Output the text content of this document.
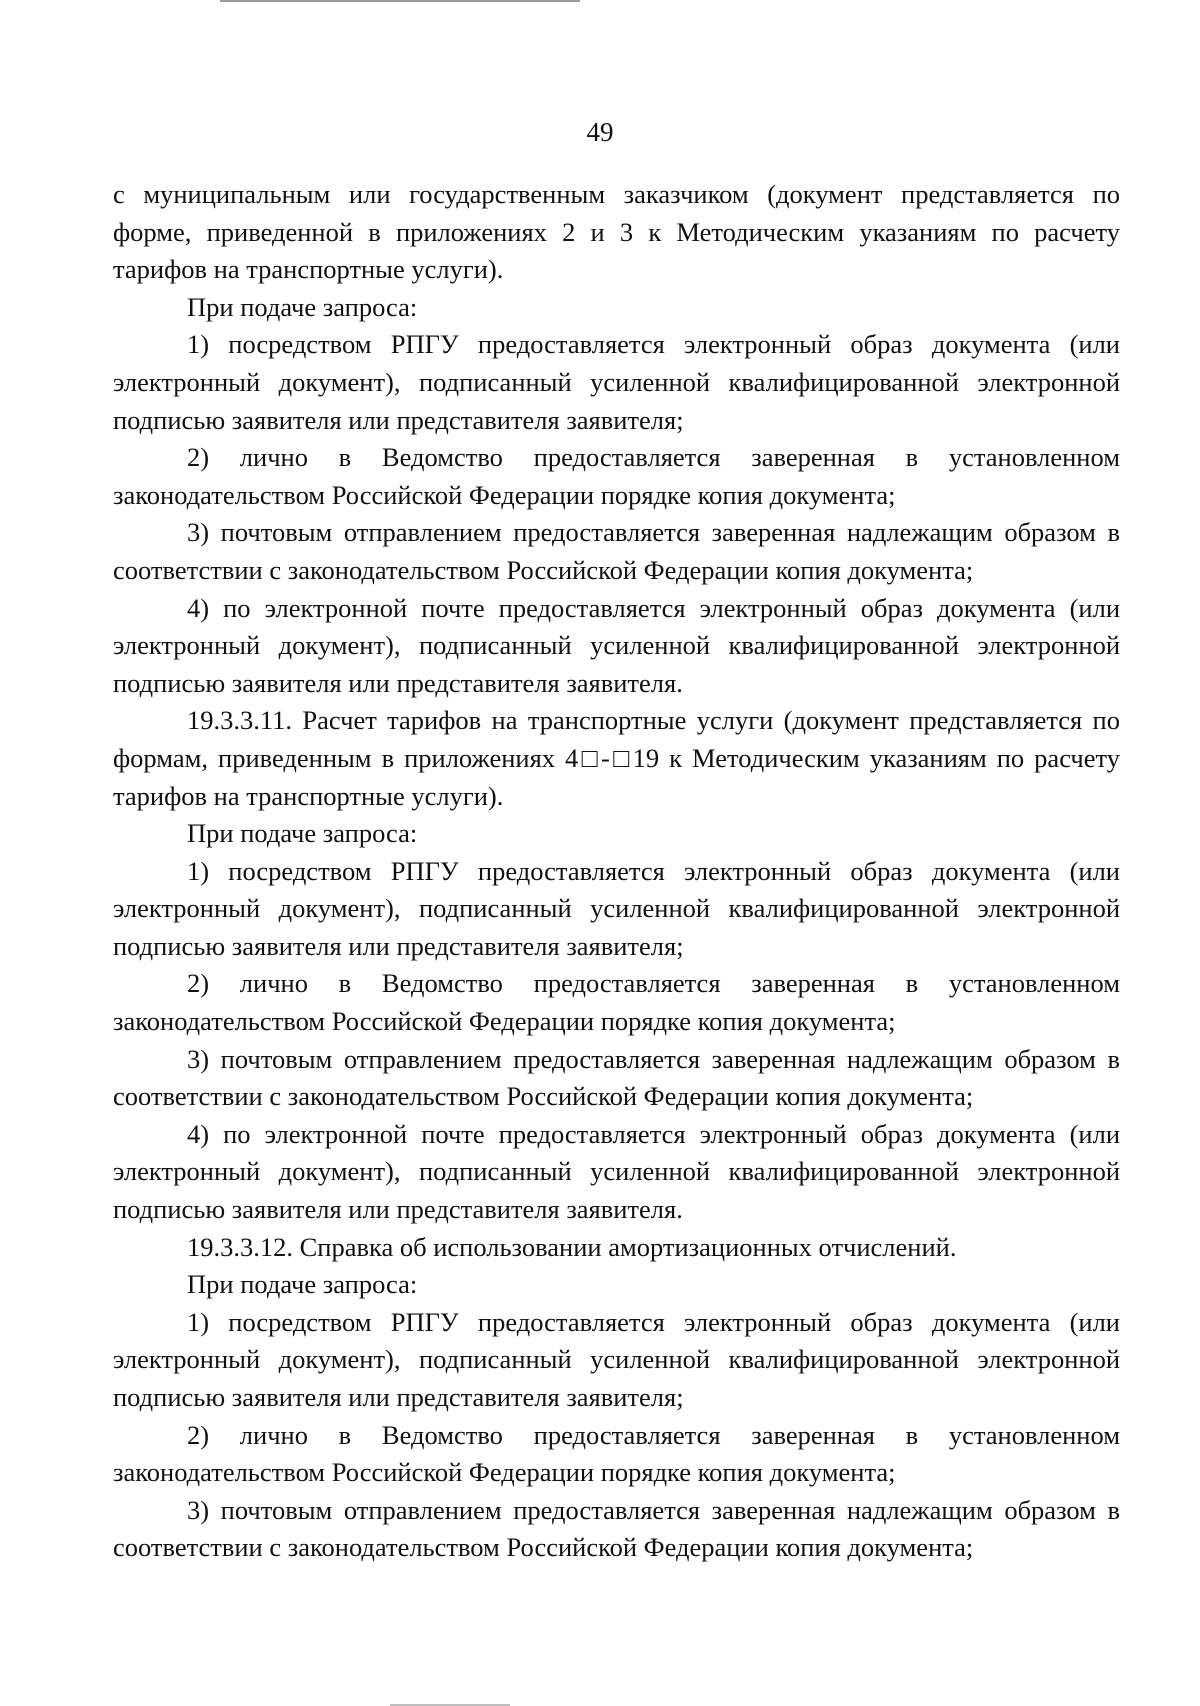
49

с муниципальным или государственным заказчиком (документ представляется по форме, приведенной в приложениях 2 и 3 к Методическим указаниям по расчету тарифов на транспортные услуги).

При подаче запроса:

1) посредством РПГУ предоставляется электронный образ документа (или электронный документ), подписанный усиленной квалифицированной электронной подписью заявителя или представителя заявителя;

2) лично в Ведомство предоставляется заверенная в установленном законодательством Российской Федерации порядке копия документа;

3) почтовым отправлением предоставляется заверенная надлежащим образом в соответствии с законодательством Российской Федерации копия документа;

4) по электронной почте предоставляется электронный образ документа (или электронный документ), подписанный усиленной квалифицированной электронной подписью заявителя или представителя заявителя.

19.3.3.11. Расчет тарифов на транспортные услуги (документ представляется по формам, приведенным в приложениях 4□-□19 к Методическим указаниям по расчету тарифов на транспортные услуги).

При подаче запроса:

1) посредством РПГУ предоставляется электронный образ документа (или электронный документ), подписанный усиленной квалифицированной электронной подписью заявителя или представителя заявителя;

2) лично в Ведомство предоставляется заверенная в установленном законодательством Российской Федерации порядке копия документа;

3) почтовым отправлением предоставляется заверенная надлежащим образом в соответствии с законодательством Российской Федерации копия документа;

4) по электронной почте предоставляется электронный образ документа (или электронный документ), подписанный усиленной квалифицированной электронной подписью заявителя или представителя заявителя.

19.3.3.12. Справка об использовании амортизационных отчислений.

При подаче запроса:

1) посредством РПГУ предоставляется электронный образ документа (или электронный документ), подписанный усиленной квалифицированной электронной подписью заявителя или представителя заявителя;

2) лично в Ведомство предоставляется заверенная в установленном законодательством Российской Федерации порядке копия документа;

3) почтовым отправлением предоставляется заверенная надлежащим образом в соответствии с законодательством Российской Федерации копия документа;
